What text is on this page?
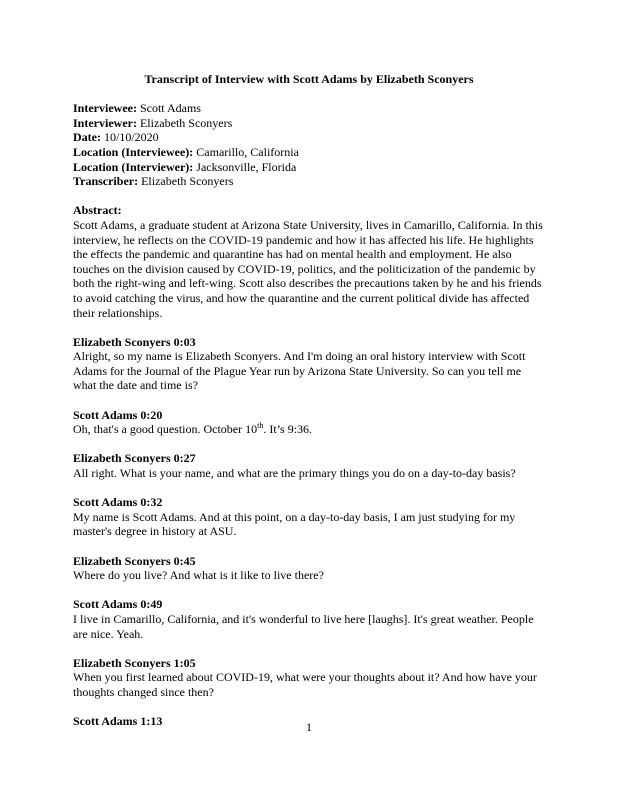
Transcript of Interview with Scott Adams by Elizabeth Sconyers
Interviewee: Scott Adams
Interviewer: Elizabeth Sconyers
Date: 10/10/2020
Location (Interviewee): Camarillo, California
Location (Interviewer): Jacksonville, Florida
Transcriber: Elizabeth Sconyers
Abstract:
Scott Adams, a graduate student at Arizona State University, lives in Camarillo, California. In this interview, he reflects on the COVID-19 pandemic and how it has affected his life. He highlights the effects the pandemic and quarantine has had on mental health and employment. He also touches on the division caused by COVID-19, politics, and the politicization of the pandemic by both the right-wing and left-wing. Scott also describes the precautions taken by he and his friends to avoid catching the virus, and how the quarantine and the current political divide has affected their relationships.
Elizabeth Sconyers 0:03
Alright, so my name is Elizabeth Sconyers. And I'm doing an oral history interview with Scott Adams for the Journal of the Plague Year run by Arizona State University. So can you tell me what the date and time is?
Scott Adams 0:20
Oh, that's a good question. October 10th. It’s 9:36.
Elizabeth Sconyers 0:27
All right. What is your name, and what are the primary things you do on a day-to-day basis?
Scott Adams 0:32
My name is Scott Adams. And at this point, on a day-to-day basis, I am just studying for my master's degree in history at ASU.
Elizabeth Sconyers 0:45
Where do you live? And what is it like to live there?
Scott Adams 0:49
I live in Camarillo, California, and it's wonderful to live here [laughs]. It's great weather. People are nice. Yeah.
Elizabeth Sconyers 1:05
When you first learned about COVID-19, what were your thoughts about it? And how have your thoughts changed since then?
Scott Adams 1:13	1
